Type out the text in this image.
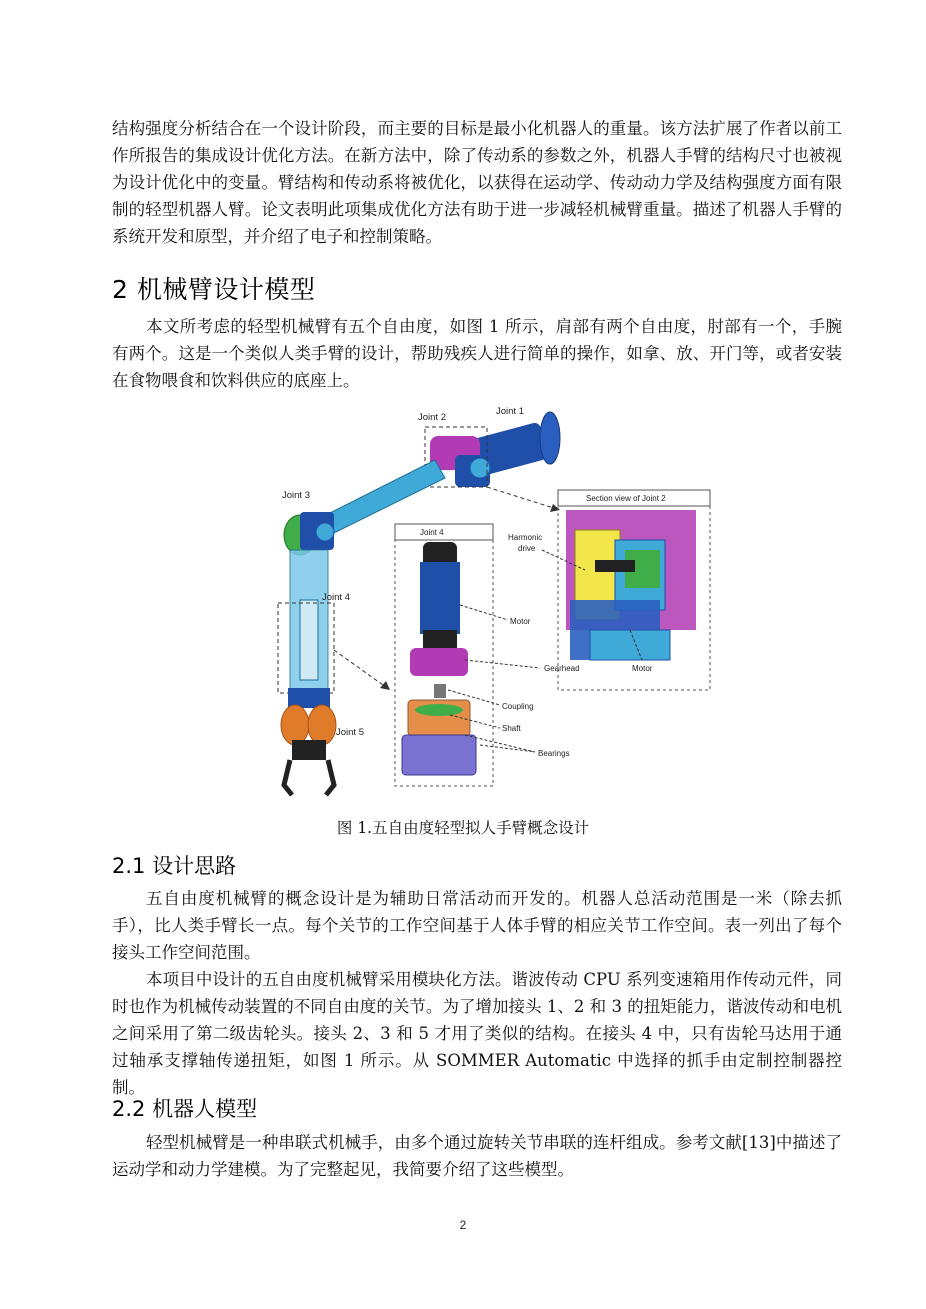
结构强度分析结合在一个设计阶段，而主要的目标是最小化机器人的重量。该方法扩展了作者以前工作所报告的集成设计优化方法。在新方法中，除了传动系的参数之外，机器人手臂的结构尺寸也被视为设计优化中的变量。臂结构和传动系将被优化，以获得在运动学、传动动力学及结构强度方面有限制的轻型机器人臂。论文表明此项集成优化方法有助于进一步减轻机械臂重量。描述了机器人手臂的系统开发和原型，并介绍了电子和控制策略。

2 机械臂设计模型

本文所考虑的轻型机械臂有五个自由度，如图 1 所示，肩部有两个自由度，肘部有一个，手腕有两个。这是一个类似人类手臂的设计，帮助残疾人进行简单的操作，如拿、放、开门等，或者安装在食物喂食和饮料供应的底座上。

Joint 2
Joint 1
Joint 3
Joint 4
Joint 5
Joint 4
Section view of Joint 2
Harmonic
drive
Motor
Gearhead	Motor
Coupling
Shaft
Bearings
图 1.五自由度轻型拟人手臂概念设计
2.1 设计思路

五自由度机械臂的概念设计是为辅助日常活动而开发的。机器人总活动范围是一米（除去抓手），比人类手臂长一点。每个关节的工作空间基于人体手臂的相应关节工作空间。表一列出了每个接头工作空间范围。

本项目中设计的五自由度机械臂采用模块化方法。谐波传动 CPU 系列变速箱用作传动元件，同时也作为机械传动装置的不同自由度的关节。为了增加接头 1、2 和 3 的扭矩能力，谐波传动和电机之间采用了第二级齿轮头。接头 2、3 和 5 才用了类似的结构。在接头 4 中，只有齿轮马达用于通过轴承支撑轴传递扭矩，如图 1 所示。从 SOMMER Automatic 中选择的抓手由定制控制器控制。

2.2 机器人模型

轻型机械臂是一种串联式机械手，由多个通过旋转关节串联的连杆组成。参考文献[13]中描述了运动学和动力学建模。为了完整起见，我简要介绍了这些模型。

2
